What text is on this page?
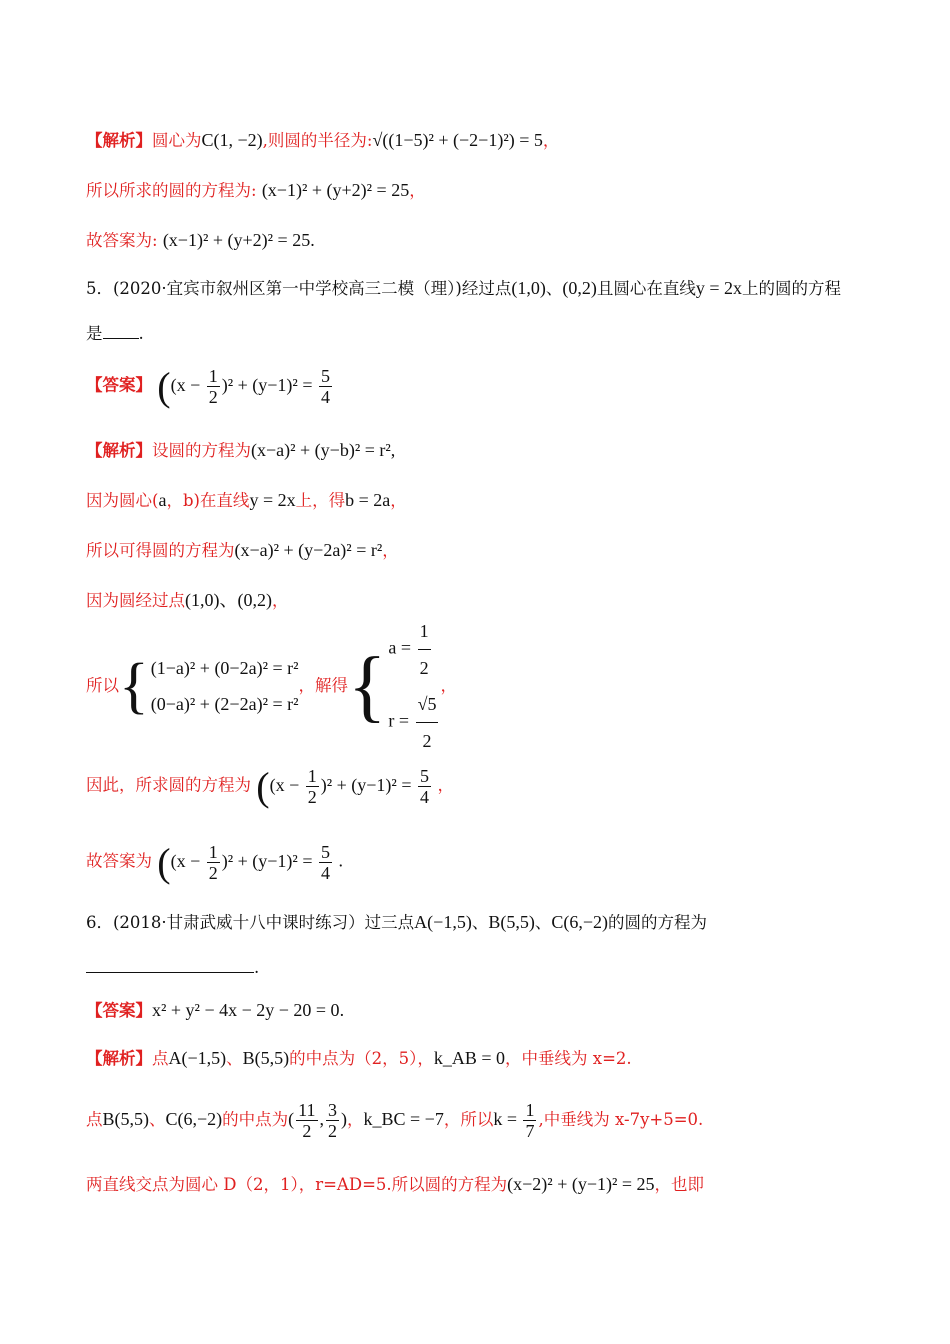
【解析】圆心为C(1, −2),则圆的半径为:√((1−5)² + (−2−1)²) = 5，
所以所求的圆的方程为: (x−1)² + (y+2)² = 25，
故答案为: (x−1)² + (y+2)² = 25.
5．(2020·宜宾市叙州区第一中学校高三二模（理）)经过点(1,0)、(0,2)且圆心在直线y = 2x上的圆的方程
是 .
【答案】 ($(x - \frac{1}{2} )^2 + (y-1)^2 = \frac{5}{4}$
【解析】设圆的方程为(x−a)² + (y−b)² = r²,
因为圆心(a，b)在直线y = 2x上，得b = 2a，
所以可得圆的方程为(x−a)² + (y−2a)² = r²，
因为圆经过点(1,0)、(0,2)，
所以 { (1−a)² + (0−2a)² = r²
(0−a)² + (2−2a)² = r²
，解得 { $a = \frac{1}{2}$
$r = \frac{√5}{2}$
，
因此，所求圆的方程为 ($(x - \frac{1}{2} )^2 + (y-1)^2 = \frac{5}{4}$ ，
故答案为 ($(x - \frac{1}{2} )^2 + (y-1)^2 = \frac{5}{4}$ .
6．(2018·甘肃武威十八中课时练习）过三点A(−1,5)、B(5,5)、C(6,−2)的圆的方程为
.
【答案】x² + y² − 4x − 2y − 20 = 0.
【解析】点A(−1,5)、B(5,5)的中点为（2，5），k_AB = 0，中垂线为 x=2.
点B(5,5)、C(6,−2)的中点为( $\frac{11}{2}$ , $\frac{3}{2}$ )，k_BC = −7，所以$k = \frac{1}{7}$ ,中垂线为 x-7y+5=0.
两直线交点为圆心 D（2，1），r=AD=5.所以圆的方程为(x−2)² + (y−1)² = 25，也即
